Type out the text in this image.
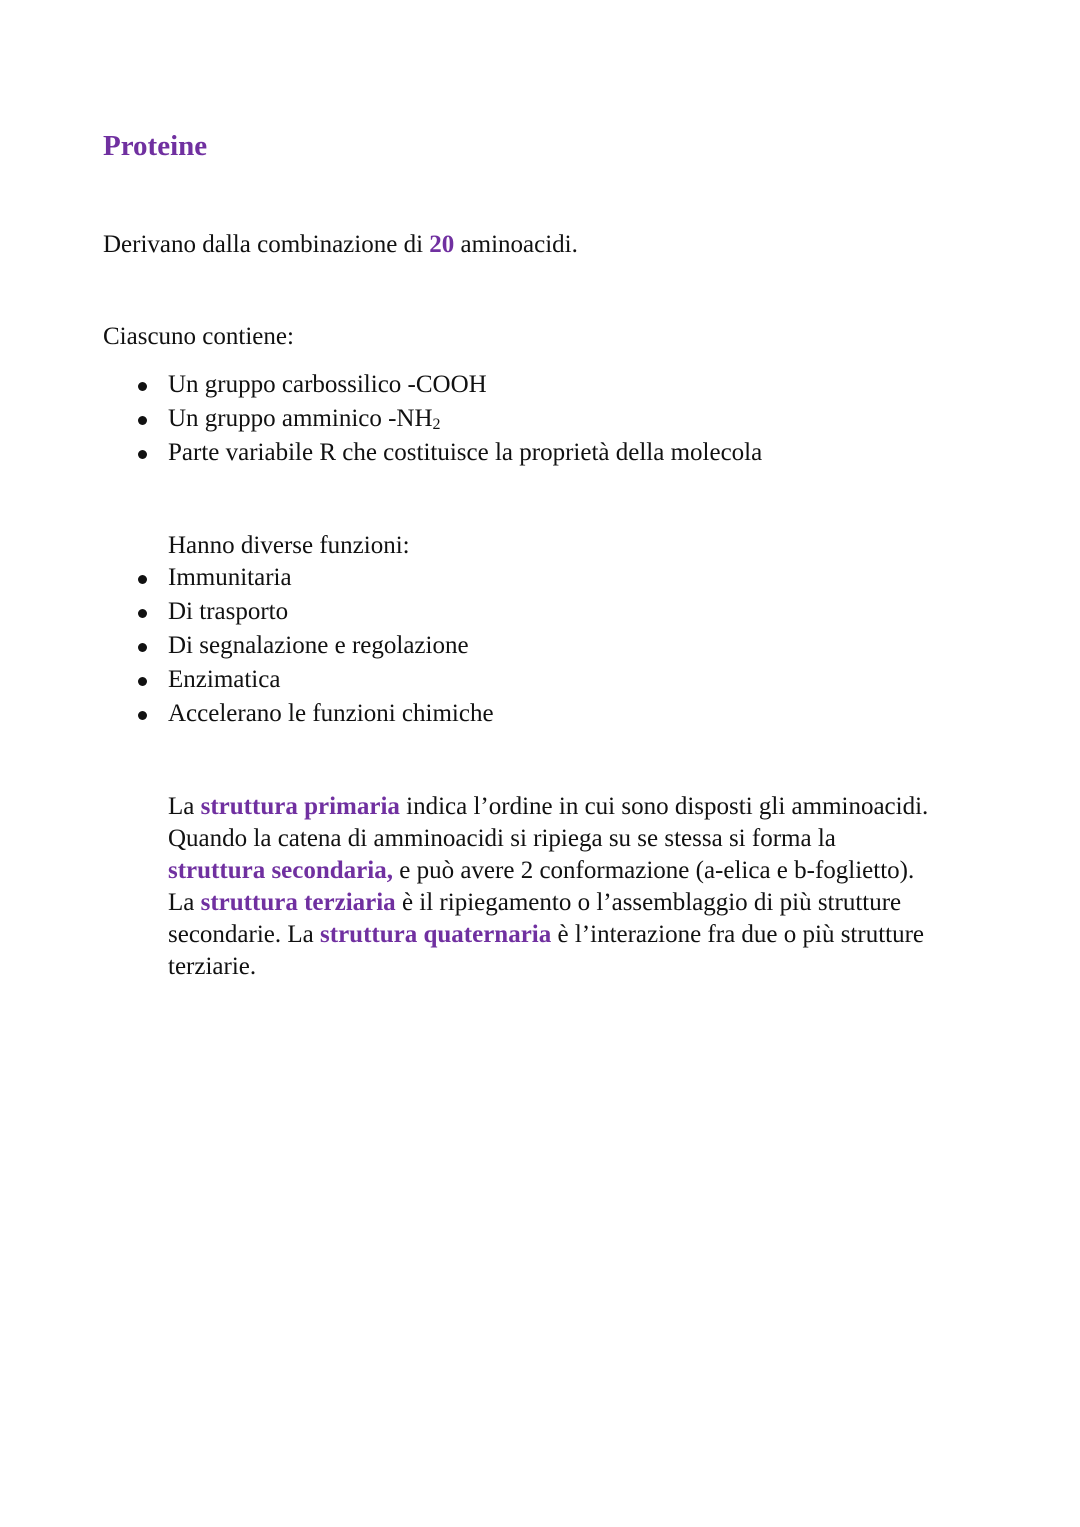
Proteine

Derivano dalla combinazione di 20 aminoacidi.

Ciascuno contiene:

Un gruppo carbossilico -COOH
Un gruppo amminico -NH2
Parte variabile R che costituisce la proprietà della molecola

Hanno diverse funzioni:

Immunitaria
Di trasporto
Di segnalazione e regolazione
Enzimatica
Accelerano le funzioni chimiche
La struttura primaria indica l’ordine in cui sono disposti gli amminoacidi.
Quando la catena di amminoacidi si ripiega su se stessa si forma la
struttura secondaria, e può avere 2 conformazione (a-elica e b-foglietto).
La struttura terziaria è il ripiegamento o l’assemblaggio di più strutture
secondarie. La struttura quaternaria è l’interazione fra due o più strutture
terziarie.
